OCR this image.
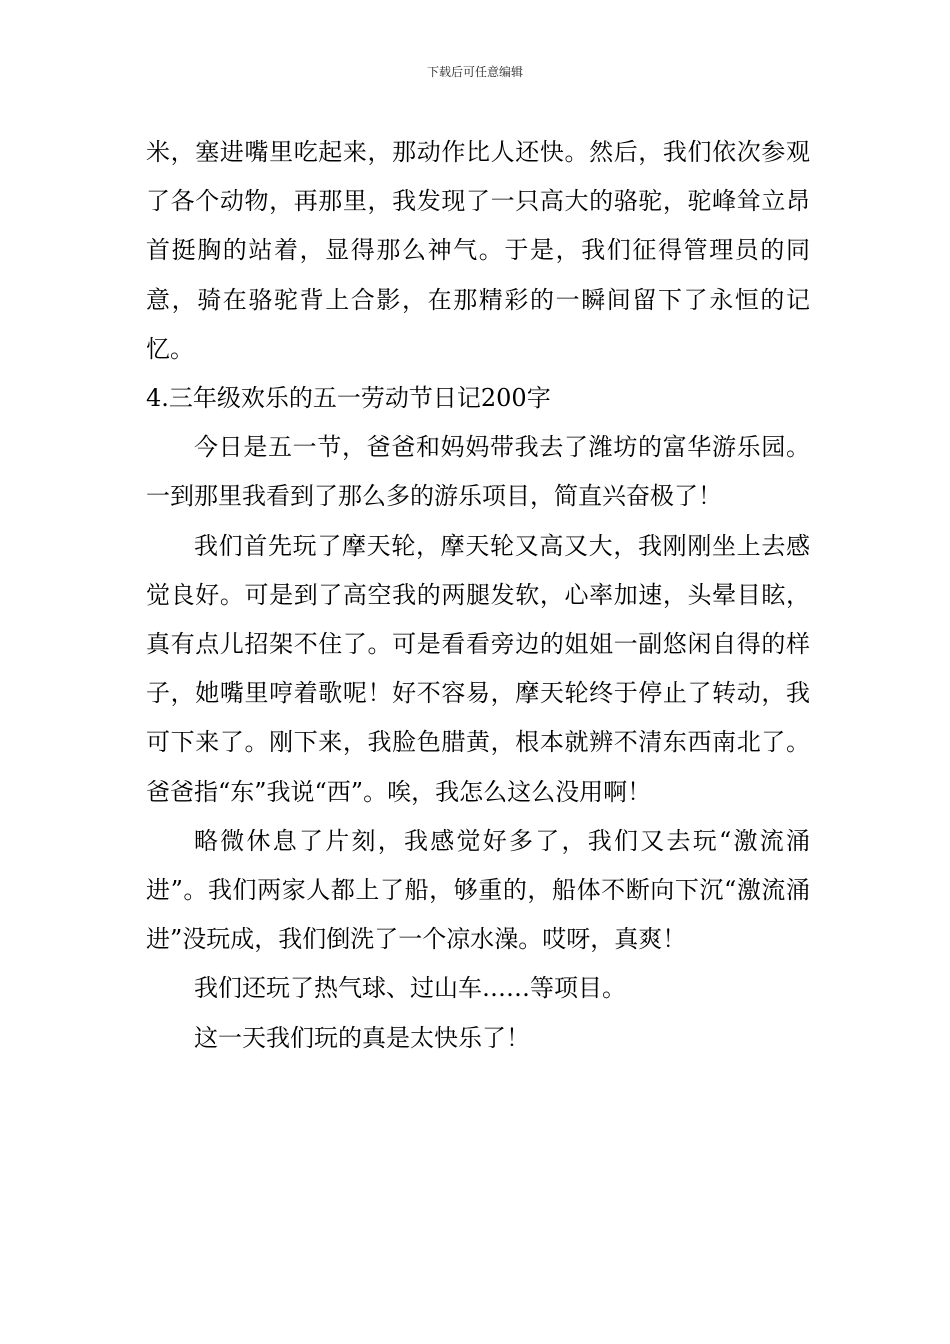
下载后可任意编辑

米，塞进嘴里吃起来，那动作比人还快。然后，我们依次参观了各个动物，再那里，我发现了一只高大的骆驼，驼峰耸立昂首挺胸的站着，显得那么神气。于是，我们征得管理员的同意，骑在骆驼背上合影，在那精彩的一瞬间留下了永恒的记忆。

4.三年级欢乐的五一劳动节日记200字

今日是五一节，爸爸和妈妈带我去了潍坊的富华游乐园。一到那里我看到了那么多的游乐项目，简直兴奋极了！

我们首先玩了摩天轮，摩天轮又高又大，我刚刚坐上去感觉良好。可是到了高空我的两腿发软，心率加速，头晕目眩，真有点儿招架不住了。可是看看旁边的姐姐一副悠闲自得的样子，她嘴里哼着歌呢！好不容易，摩天轮终于停止了转动，我可下来了。刚下来，我脸色腊黄，根本就辨不清东西南北了。爸爸指“东”我说“西”。唉，我怎么这么没用啊！

略微休息了片刻，我感觉好多了，我们又去玩“激流涌进”。我们两家人都上了船，够重的，船体不断向下沉“激流涌进”没玩成，我们倒洗了一个凉水澡。哎呀，真爽！

我们还玩了热气球、过山车……等项目。

这一天我们玩的真是太快乐了！
